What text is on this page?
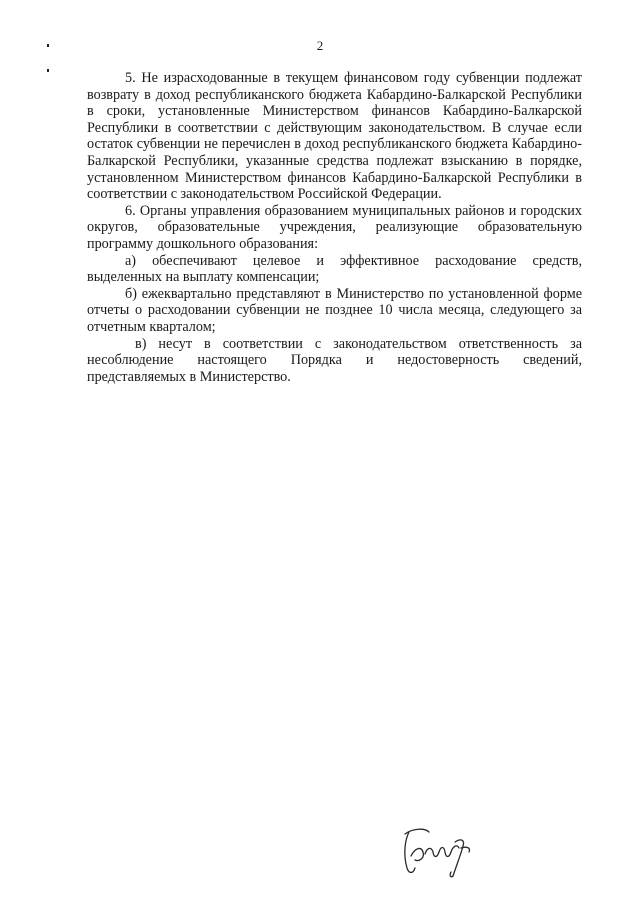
2

5. Не израсходованные в текущем финансовом году субвенции подлежат возврату в доход республиканского бюджета Кабардино-Балкарской Республики в сроки, установленные Министерством финансов Кабардино-Балкарской Республики в соответствии с действующим законодательством. В случае если остаток субвенции не перечислен в доход республиканского бюджета Кабардино-Балкарской Республики, указанные средства подлежат взысканию в порядке, установленном Министерством финансов Кабардино-Балкарской Республики в соответствии с законодательством Российской Федерации.

6. Органы управления образованием муниципальных районов и городских округов, образовательные учреждения, реализующие образовательную программу дошкольного образования:

а) обеспечивают целевое и эффективное расходование средств, выделенных на выплату компенсации;

б) ежеквартально представляют в Министерство по установленной форме отчеты о расходовании субвенции не позднее 10 числа месяца, следующего за отчетным кварталом;

в) несут в соответствии с законодательством ответственность за несоблюдение настоящего Порядка и недостоверность сведений, представляемых в Министерство.
